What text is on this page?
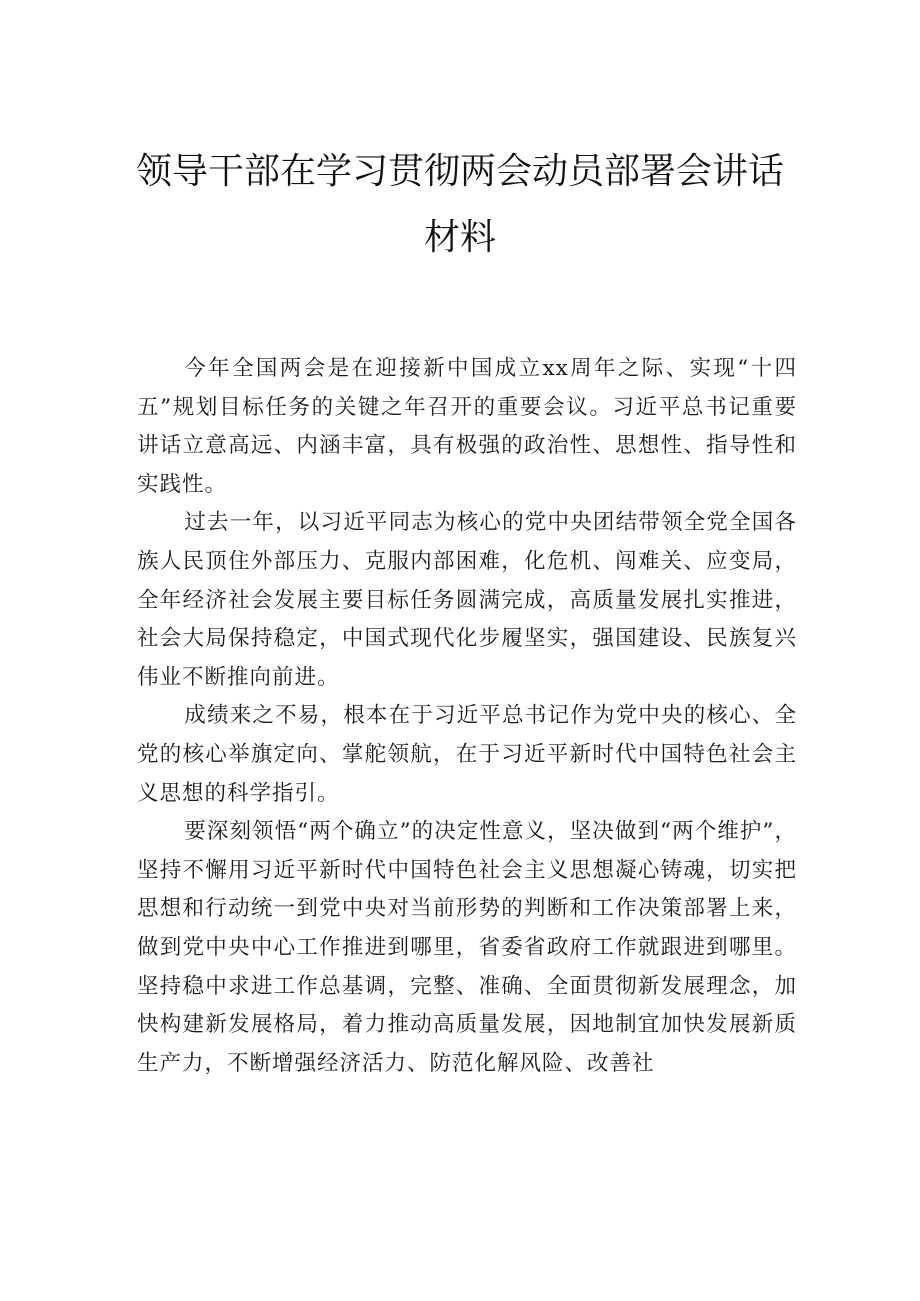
领导干部在学习贯彻两会动员部署会讲话
材料

今年全国两会是在迎接新中国成立xx周年之际、实现“十四五”规划目标任务的关键之年召开的重要会议。习近平总书记重要讲话立意高远、内涵丰富，具有极强的政治性、思想性、指导性和实践性。

过去一年，以习近平同志为核心的党中央团结带领全党全国各族人民顶住外部压力、克服内部困难，化危机、闯难关、应变局，全年经济社会发展主要目标任务圆满完成，高质量发展扎实推进，社会大局保持稳定，中国式现代化步履坚实，强国建设、民族复兴伟业不断推向前进。

成绩来之不易，根本在于习近平总书记作为党中央的核心、全党的核心举旗定向、掌舵领航，在于习近平新时代中国特色社会主义思想的科学指引。

要深刻领悟“两个确立”的决定性意义，坚决做到“两个维护”，坚持不懈用习近平新时代中国特色社会主义思想凝心铸魂，切实把思想和行动统一到党中央对当前形势的判断和工作决策部署上来，做到党中央中心工作推进到哪里，省委省政府工作就跟进到哪里。坚持稳中求进工作总基调，完整、准确、全面贯彻新发展理念，加快构建新发展格局，着力推动高质量发展，因地制宜加快发展新质生产力，不断增强经济活力、防范化解风险、改善社
